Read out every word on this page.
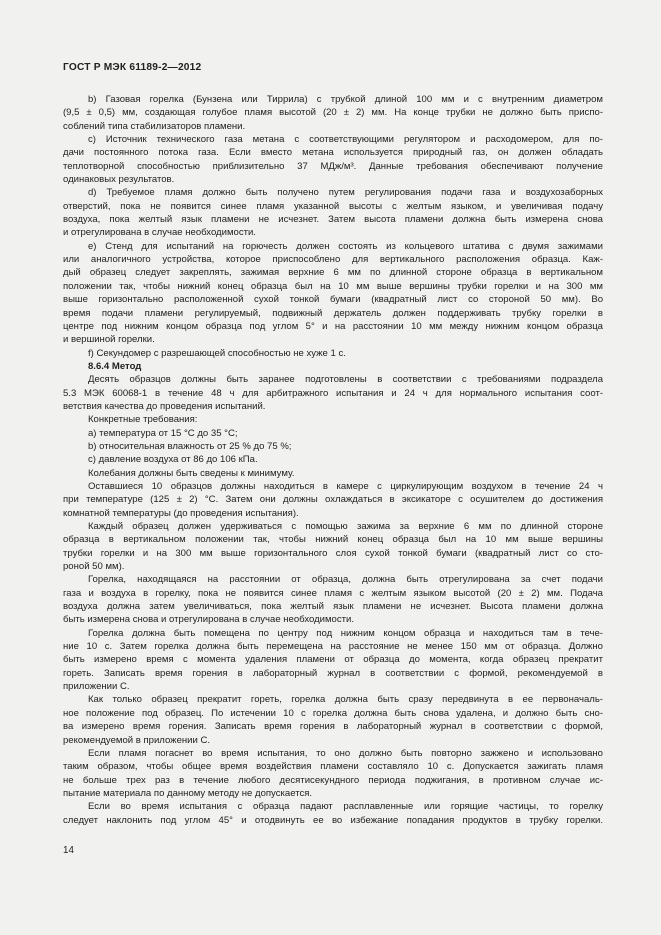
ГОСТ Р МЭК 61189-2—2012
b) Газовая горелка (Бунзена или Тиррила) с трубкой длиной 100 мм и с внутренним диаметром
(9,5 ± 0,5) мм, создающая голубое пламя высотой (20 ± 2) мм. На конце трубки не должно быть приспо-
соблений типа стабилизаторов пламени.
c) Источник технического газа метана с соответствующими регулятором и расходомером, для по-
дачи постоянного потока газа. Если вместо метана используется природный газ, он должен обладать
теплотворной способностью приблизительно 37 МДж/м³. Данные требования обеспечивают получение
одинаковых результатов.
d) Требуемое пламя должно быть получено путем регулирования подачи газа и воздухозаборных
отверстий, пока не появится синее пламя указанной высоты с желтым языком, и увеличивая подачу
воздуха, пока желтый язык пламени не исчезнет. Затем высота пламени должна быть измерена снова
и отрегулирована в случае необходимости.
e) Стенд для испытаний на горючесть должен состоять из кольцевого штатива с двумя зажимами
или аналогичного устройства, которое приспособлено для вертикального расположения образца. Каж-
дый образец следует закреплять, зажимая верхние 6 мм по длинной стороне образца в вертикальном
положении так, чтобы нижний конец образца был на 10 мм выше вершины трубки горелки и на 300 мм
выше горизонтально расположенной сухой тонкой бумаги (квадратный лист со стороной 50 мм). Во
время подачи пламени регулируемый, подвижный держатель должен поддерживать трубку горелки в
центре под нижним концом образца под углом 5° и на расстоянии 10 мм между нижним концом образца
и вершиной горелки.
f) Секундомер с разрешающей способностью не хуже 1 с.
8.6.4 Метод
Десять образцов должны быть заранее подготовлены в соответствии с требованиями подраздела
5.3 МЭК 60068-1 в течение 48 ч для арбитражного испытания и 24 ч для нормального испытания соот-
ветствия качества до проведения испытаний.
Конкретные требования:
a) температура от 15 °C до 35 °C;
b) относительная влажность от 25 % до 75 %;
c) давление воздуха от 86 до 106 кПа.
Колебания должны быть сведены к минимуму.
Оставшиеся 10 образцов должны находиться в камере с циркулирующим воздухом в течение 24 ч
при температуре (125 ± 2) °C. Затем они должны охлаждаться в эксикаторе с осушителем до достижения
комнатной температуры (до проведения испытания).
Каждый образец должен удерживаться с помощью зажима за верхние 6 мм по длинной стороне
образца в вертикальном положении так, чтобы нижний конец образца был на 10 мм выше вершины
трубки горелки и на 300 мм выше горизонтального слоя сухой тонкой бумаги (квадратный лист со сто-
роной 50 мм).
Горелка, находящаяся на расстоянии от образца, должна быть отрегулирована за счет подачи
газа и воздуха в горелку, пока не появится синее пламя с желтым языком высотой (20 ± 2) мм. Подача
воздуха должна затем увеличиваться, пока желтый язык пламени не исчезнет. Высота пламени должна
быть измерена снова и отрегулирована в случае необходимости.
Горелка должна быть помещена по центру под нижним концом образца и находиться там в тече-
ние 10 с. Затем горелка должна быть перемещена на расстояние не менее 150 мм от образца. Должно
быть измерено время с момента удаления пламени от образца до момента, когда образец прекратит
гореть. Записать время горения в лабораторный журнал в соответствии с формой, рекомендуемой в
приложении С.
Как только образец прекратит гореть, горелка должна быть сразу передвинута в ее первоначаль-
ное положение под образец. По истечении 10 с горелка должна быть снова удалена, и должно быть сно-
ва измерено время горения. Записать время горения в лабораторный журнал в соответствии с формой,
рекомендуемой в приложении С.
Если пламя погаснет во время испытания, то оно должно быть повторно зажжено и использовано
таким образом, чтобы общее время воздействия пламени составляло 10 с. Допускается зажигать пламя
не больше трех раз в течение любого десятисекундного периода поджигания, в противном случае ис-
пытание материала по данному методу не допускается.
Если во время испытания с образца падают расплавленные или горящие частицы, то горелку
следует наклонить под углом 45° и отодвинуть ее во избежание попадания продуктов в трубку горелки.
14
